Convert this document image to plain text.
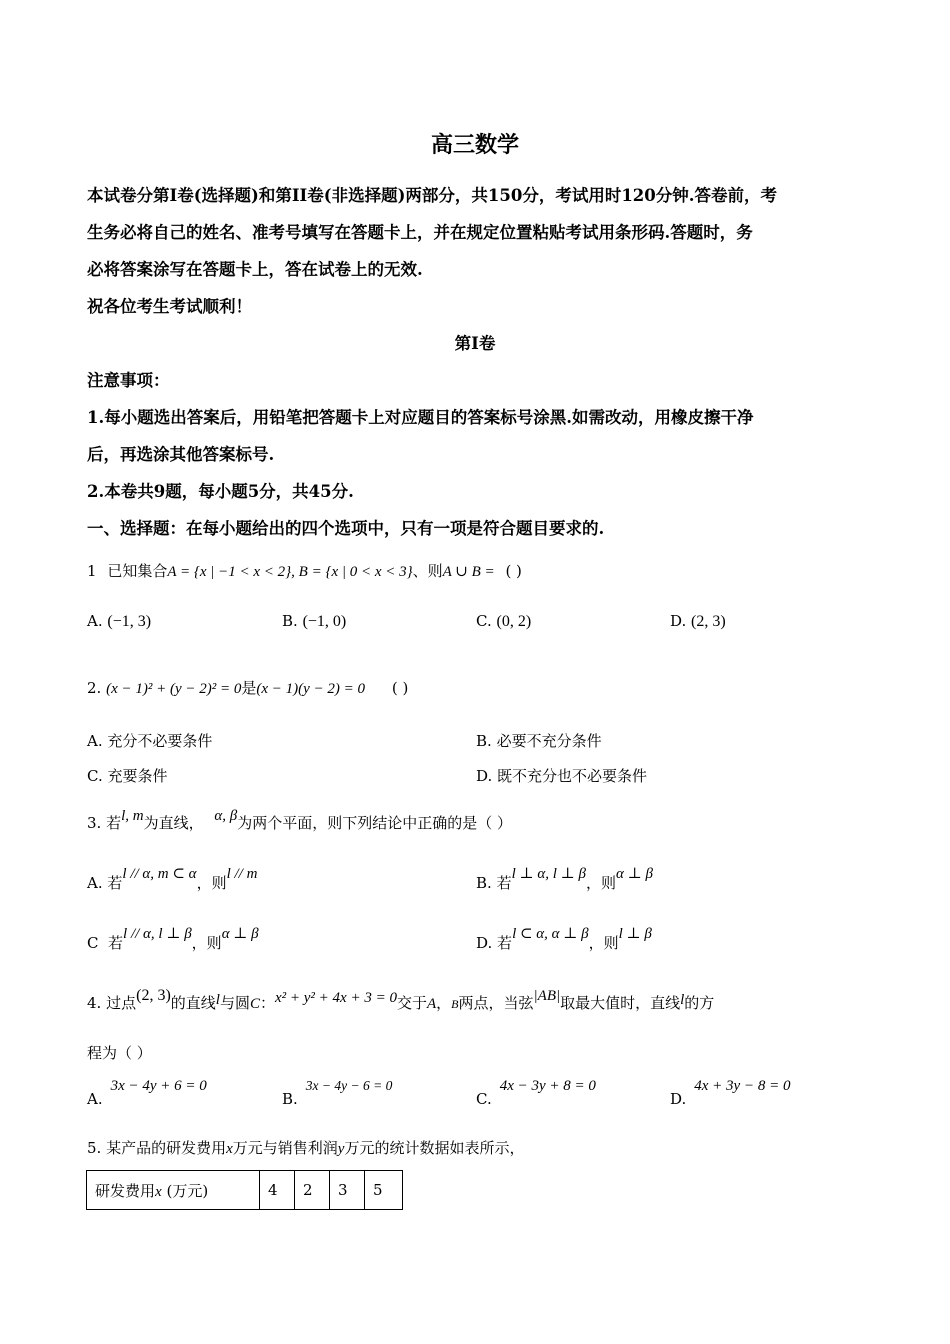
高三数学
本试卷分第I卷(选择题)和第II卷(非选择题)两部分，共150分，考试用时120分钟.答卷前，考
生务必将自己的姓名、准考号填写在答题卡上，并在规定位置粘贴考试用条形码.答题时，务
必将答案涂写在答题卡上，答在试卷上的无效.
祝各位考生考试顺利！
第I卷
注意事项：
1.每小题选出答案后，用铅笔把答题卡上对应题目的答案标号涂黑.如需改动，用橡皮擦干净
后，再选涂其他答案标号.
2.本卷共9题，每小题5分，共45分.
一、选择题：在每小题给出的四个选项中，只有一项是符合题目要求的.
1 已知集合A = {x | −1 < x < 2}, B = {x | 0 < x < 3}、则A ∪ B = ( )
A. (−1, 3)	B. (−1, 0)	C. (0, 2)	D. (2, 3)
2. (x − 1)² + (y − 2)² = 0是(x − 1)(y − 2) = 0 ( )
A. 充分不必要条件	B. 必要不充分条件
C. 充要条件	D. 既不充分也不必要条件
3. 若l, m为直线， α, β为两个平面，则下列结论中正确的是（ ）
A. 若l // α, m ⊂ α，则l // m	B. 若l ⊥ α, l ⊥ β，则α ⊥ β
C 若l // α, l ⊥ β，则α ⊥ β	D. 若l ⊂ α, α ⊥ β，则l ⊥ β
4. 过点(2, 3)的直线l与圆C：x² + y² + 4x + 3 = 0交于A，B两点，当弦|AB|取最大值时，直线l的方
程为（ ）
A.3x − 4y + 6 = 0
B.3x − 4y − 6 = 0
C.4x − 3y + 8 = 0
D.4x + 3y − 8 = 0
5. 某产品的研发费用x万元与销售利润y万元的统计数据如表所示，
研发费用x (万元)	4	2	3	5
